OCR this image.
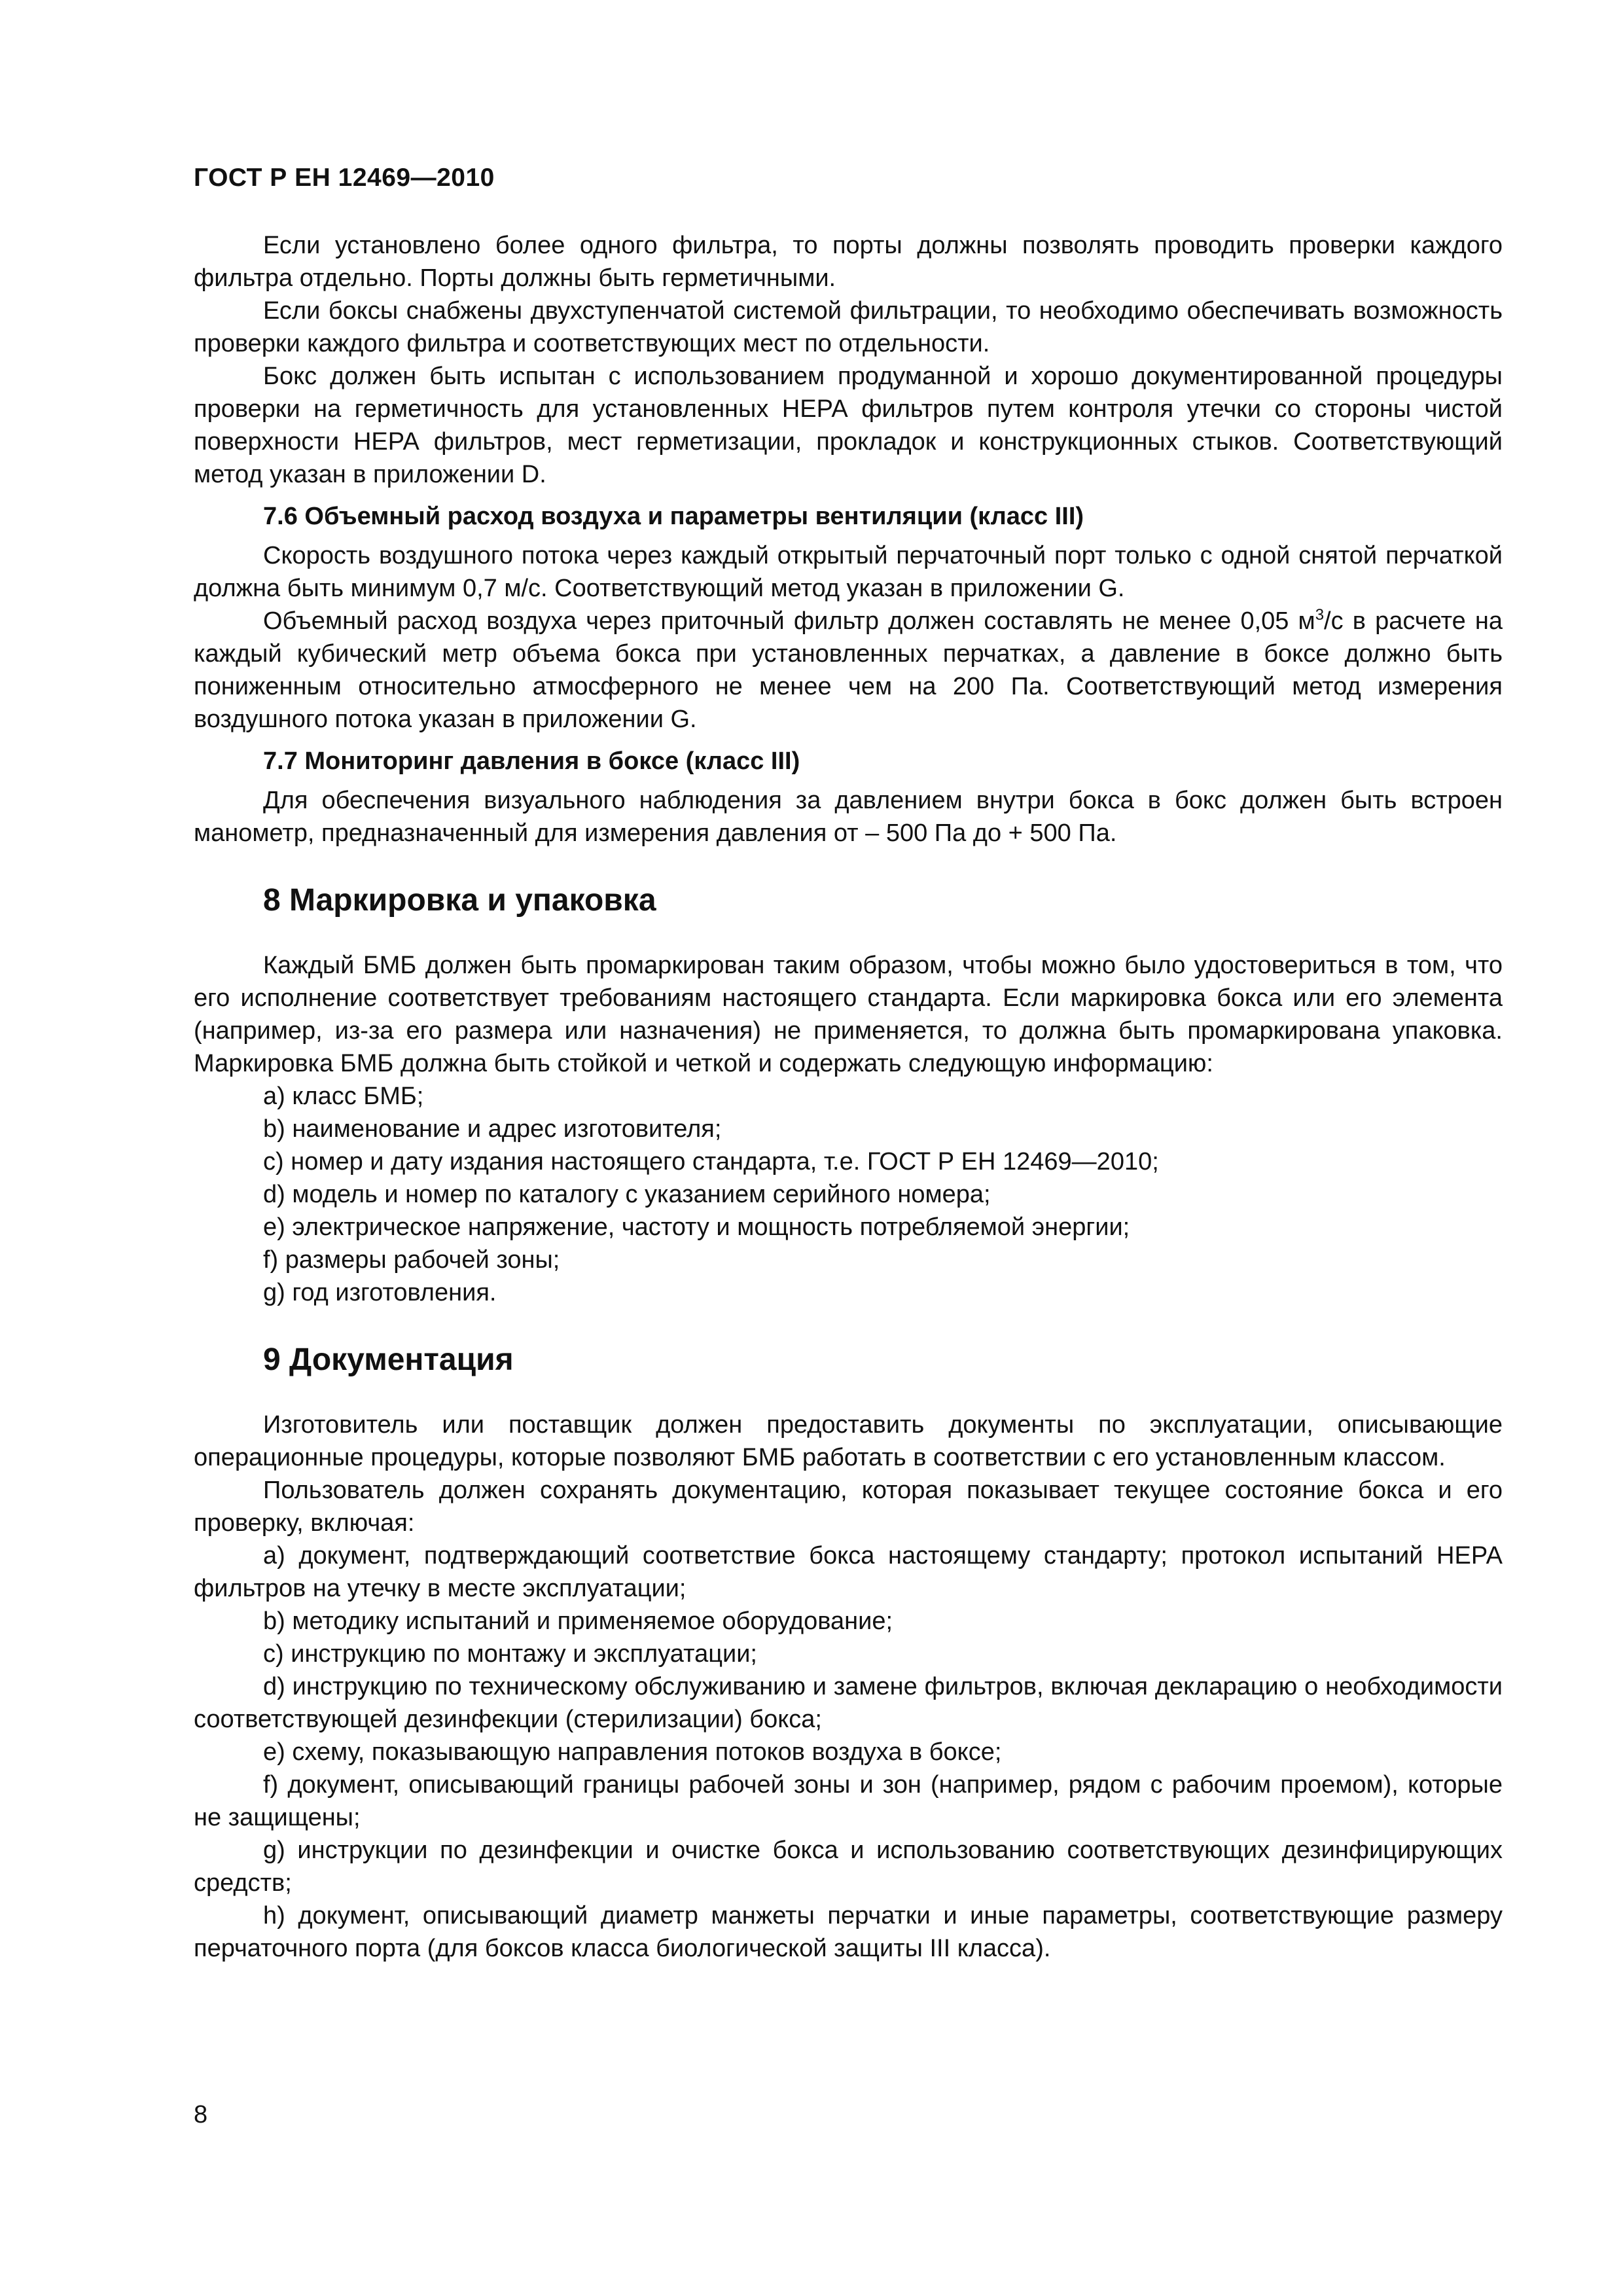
ГОСТ Р ЕН 12469—2010

Если установлено более одного фильтра, то порты должны позволять проводить проверки каждого фильтра отдельно. Порты должны быть герметичными.

Если боксы снабжены двухступенчатой системой фильтрации, то необходимо обеспечивать возможность проверки каждого фильтра и соответствующих мест по отдельности.

Бокс должен быть испытан с использованием продуманной и хорошо документированной процедуры проверки на герметичность для установленных НЕРА фильтров путем контроля утечки со стороны чистой поверхности НЕРА фильтров, мест герметизации, прокладок и конструкционных стыков. Соответствующий метод указан в приложении D.

7.6 Объемный расход воздуха и параметры вентиляции (класс III)

Скорость воздушного потока через каждый открытый перчаточный порт только с одной снятой перчаткой должна быть минимум 0,7 м/с. Соответствующий метод указан в приложении G.

Объемный расход воздуха через приточный фильтр должен составлять не менее 0,05 $м^3/с$ в расчете на каждый кубический метр объема бокса при установленных перчатках, а давление в боксе должно быть пониженным относительно атмосферного не менее чем на 200 Па. Соответствующий метод измерения воздушного потока указан в приложении G.

7.7 Мониторинг давления в боксе (класс III)

Для обеспечения визуального наблюдения за давлением внутри бокса в бокс должен быть встроен манометр, предназначенный для измерения давления от – 500 Па до + 500 Па.

8 Маркировка и упаковка

Каждый БМБ должен быть промаркирован таким образом, чтобы можно было удостовериться в том, что его исполнение соответствует требованиям настоящего стандарта. Если маркировка бокса или его элемента (например, из-за его размера или назначения) не применяется, то должна быть промаркирована упаковка. Маркировка БМБ должна быть стойкой и четкой и содержать следующую информацию:

а) класс БМБ;

b) наименование и адрес изготовителя;

с) номер и дату издания настоящего стандарта, т.е. ГОСТ Р ЕН 12469—2010;

d) модель и номер по каталогу с указанием серийного номера;

е) электрическое напряжение, частоту и мощность потребляемой энергии;

f) размеры рабочей зоны;

g) год изготовления.

9 Документация

Изготовитель или поставщик должен предоставить документы по эксплуатации, описывающие операционные процедуры, которые позволяют БМБ работать в соответствии с его установленным классом.

Пользователь должен сохранять документацию, которая показывает текущее состояние бокса и его проверку, включая:

а) документ, подтверждающий соответствие бокса настоящему стандарту; протокол испытаний НЕРА фильтров на утечку в месте эксплуатации;

b) методику испытаний и применяемое оборудование;

с) инструкцию по монтажу и эксплуатации;

d) инструкцию по техническому обслуживанию и замене фильтров, включая декларацию о необходимости соответствующей дезинфекции (стерилизации) бокса;

е) схему, показывающую направления потоков воздуха в боксе;

f) документ, описывающий границы рабочей зоны и зон (например, рядом с рабочим проемом), которые не защищены;

g) инструкции по дезинфекции и очистке бокса и использованию соответствующих дезинфицирующих средств;

h) документ, описывающий диаметр манжеты перчатки и иные параметры, соответствующие размеру перчаточного порта (для боксов класса биологической защиты III класса).

8
